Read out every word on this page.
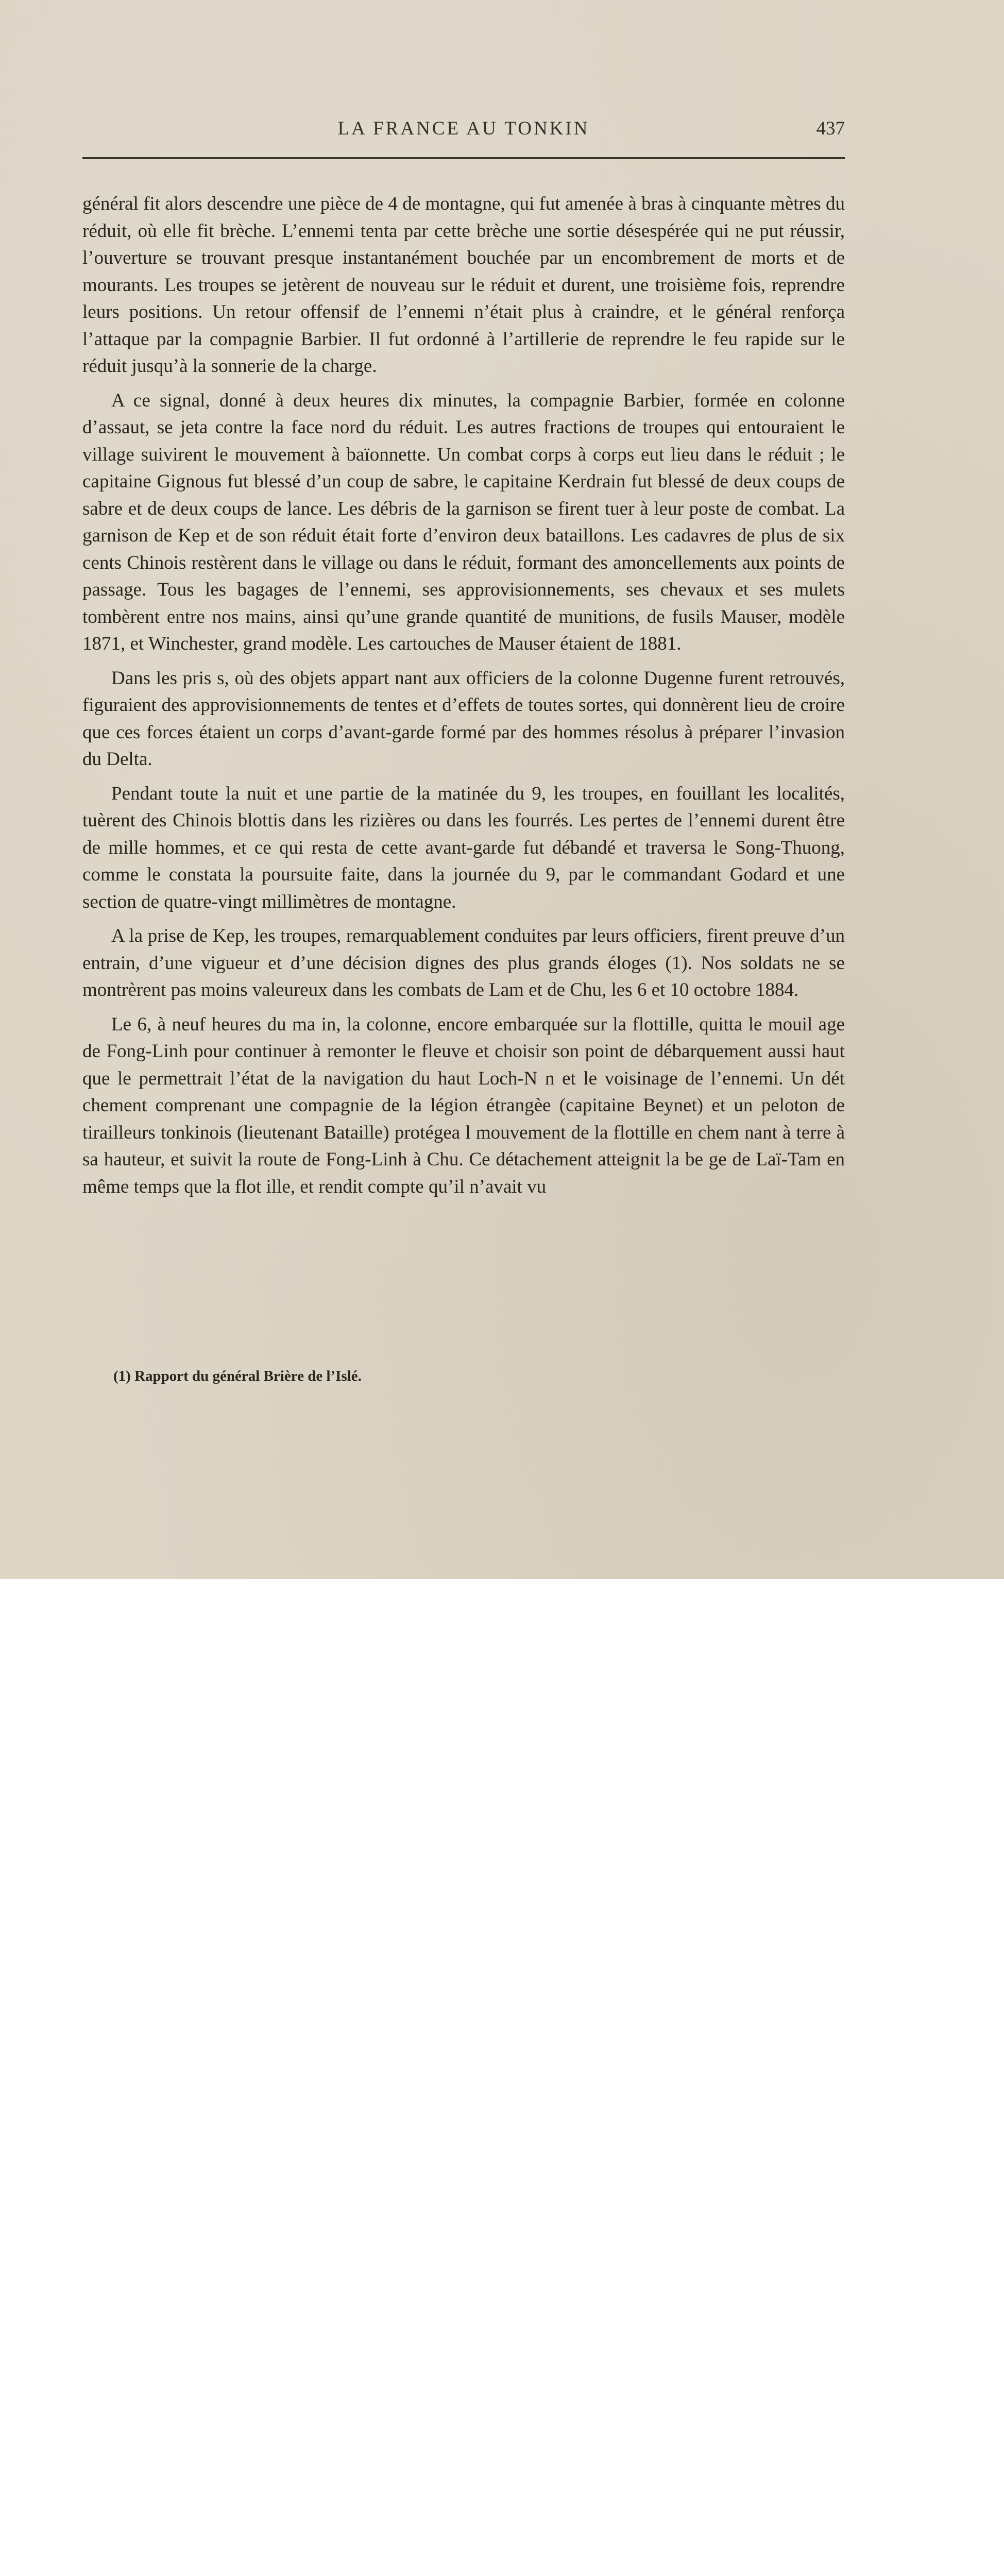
LA FRANCE AU TONKIN	437

général fit alors descendre une pièce de 4 de montagne, qui fut amenée à bras à cinquante mètres du réduit, où elle fit brèche. L’ennemi tenta par cette brèche une sortie désespérée qui ne put réussir, l’ouverture se trouvant presque instantanément bouchée par un encombrement de morts et de mourants. Les troupes se jetèrent de nouveau sur le réduit et durent, une troisième fois, reprendre leurs positions. Un retour offensif de l’ennemi n’était plus à craindre, et le général renforça l’attaque par la compagnie Barbier. Il fut ordonné à l’artillerie de reprendre le feu rapide sur le réduit jusqu’à la sonnerie de la charge.

A ce signal, donné à deux heures dix minutes, la compagnie Barbier, formée en colonne d’assaut, se jeta contre la face nord du réduit. Les autres fractions de troupes qui entouraient le village suivirent le mouvement à baïonnette. Un combat corps à corps eut lieu dans le réduit ; le capitaine Gignous fut blessé d’un coup de sabre, le capitaine Kerdrain fut blessé de deux coups de sabre et de deux coups de lance. Les débris de la garnison se firent tuer à leur poste de combat. La garnison de Kep et de son réduit était forte d’environ deux bataillons. Les cadavres de plus de six cents Chinois restèrent dans le village ou dans le réduit, formant des amoncellements aux points de passage. Tous les bagages de l’ennemi, ses approvisionnements, ses chevaux et ses mulets tombèrent entre nos mains, ainsi qu’une grande quantité de munitions, de fusils Mauser, modèle 1871, et Winchester, grand modèle. Les cartouches de Mauser étaient de 1881.

Dans les pris s, où des objets appart nant aux officiers de la colonne Dugenne furent retrouvés, figuraient des approvisionnements de tentes et d’effets de toutes sortes, qui donnèrent lieu de croire que ces forces étaient un corps d’avant-garde formé par des hommes résolus à préparer l’invasion du Delta.

Pendant toute la nuit et une partie de la matinée du 9, les troupes, en fouillant les localités, tuèrent des Chinois blottis dans les rizières ou dans les fourrés. Les pertes de l’ennemi durent être de mille hommes, et ce qui resta de cette avant-garde fut débandé et traversa le Song-Thuong, comme le constata la poursuite faite, dans la journée du 9, par le commandant Godard et une section de quatre-vingt millimètres de montagne.

A la prise de Kep, les troupes, remarquablement conduites par leurs officiers, firent preuve d’un entrain, d’une vigueur et d’une décision dignes des plus grands éloges (1). Nos soldats ne se montrèrent pas moins valeureux dans les combats de Lam et de Chu, les 6 et 10 octobre 1884.

Le 6, à neuf heures du ma in, la colonne, encore embarquée sur la flottille, quitta le mouil age de Fong-Linh pour continuer à remonter le fleuve et choisir son point de débarquement aussi haut que le permettrait l’état de la navigation du haut Loch-N n et le voisinage de l’ennemi. Un dét chement comprenant une compagnie de la légion étrangèe (capitaine Beynet) et un peloton de tirailleurs tonkinois (lieutenant Bataille) protégea l mouvement de la flottille en chem nant à terre à sa hauteur, et suivit la route de Fong-Linh à Chu. Ce détachement atteignit la be ge de Laï-Tam en même temps que la flot ille, et rendit compte qu’il n’avait vu

(1) Rapport du général Brière de l’Islé.
